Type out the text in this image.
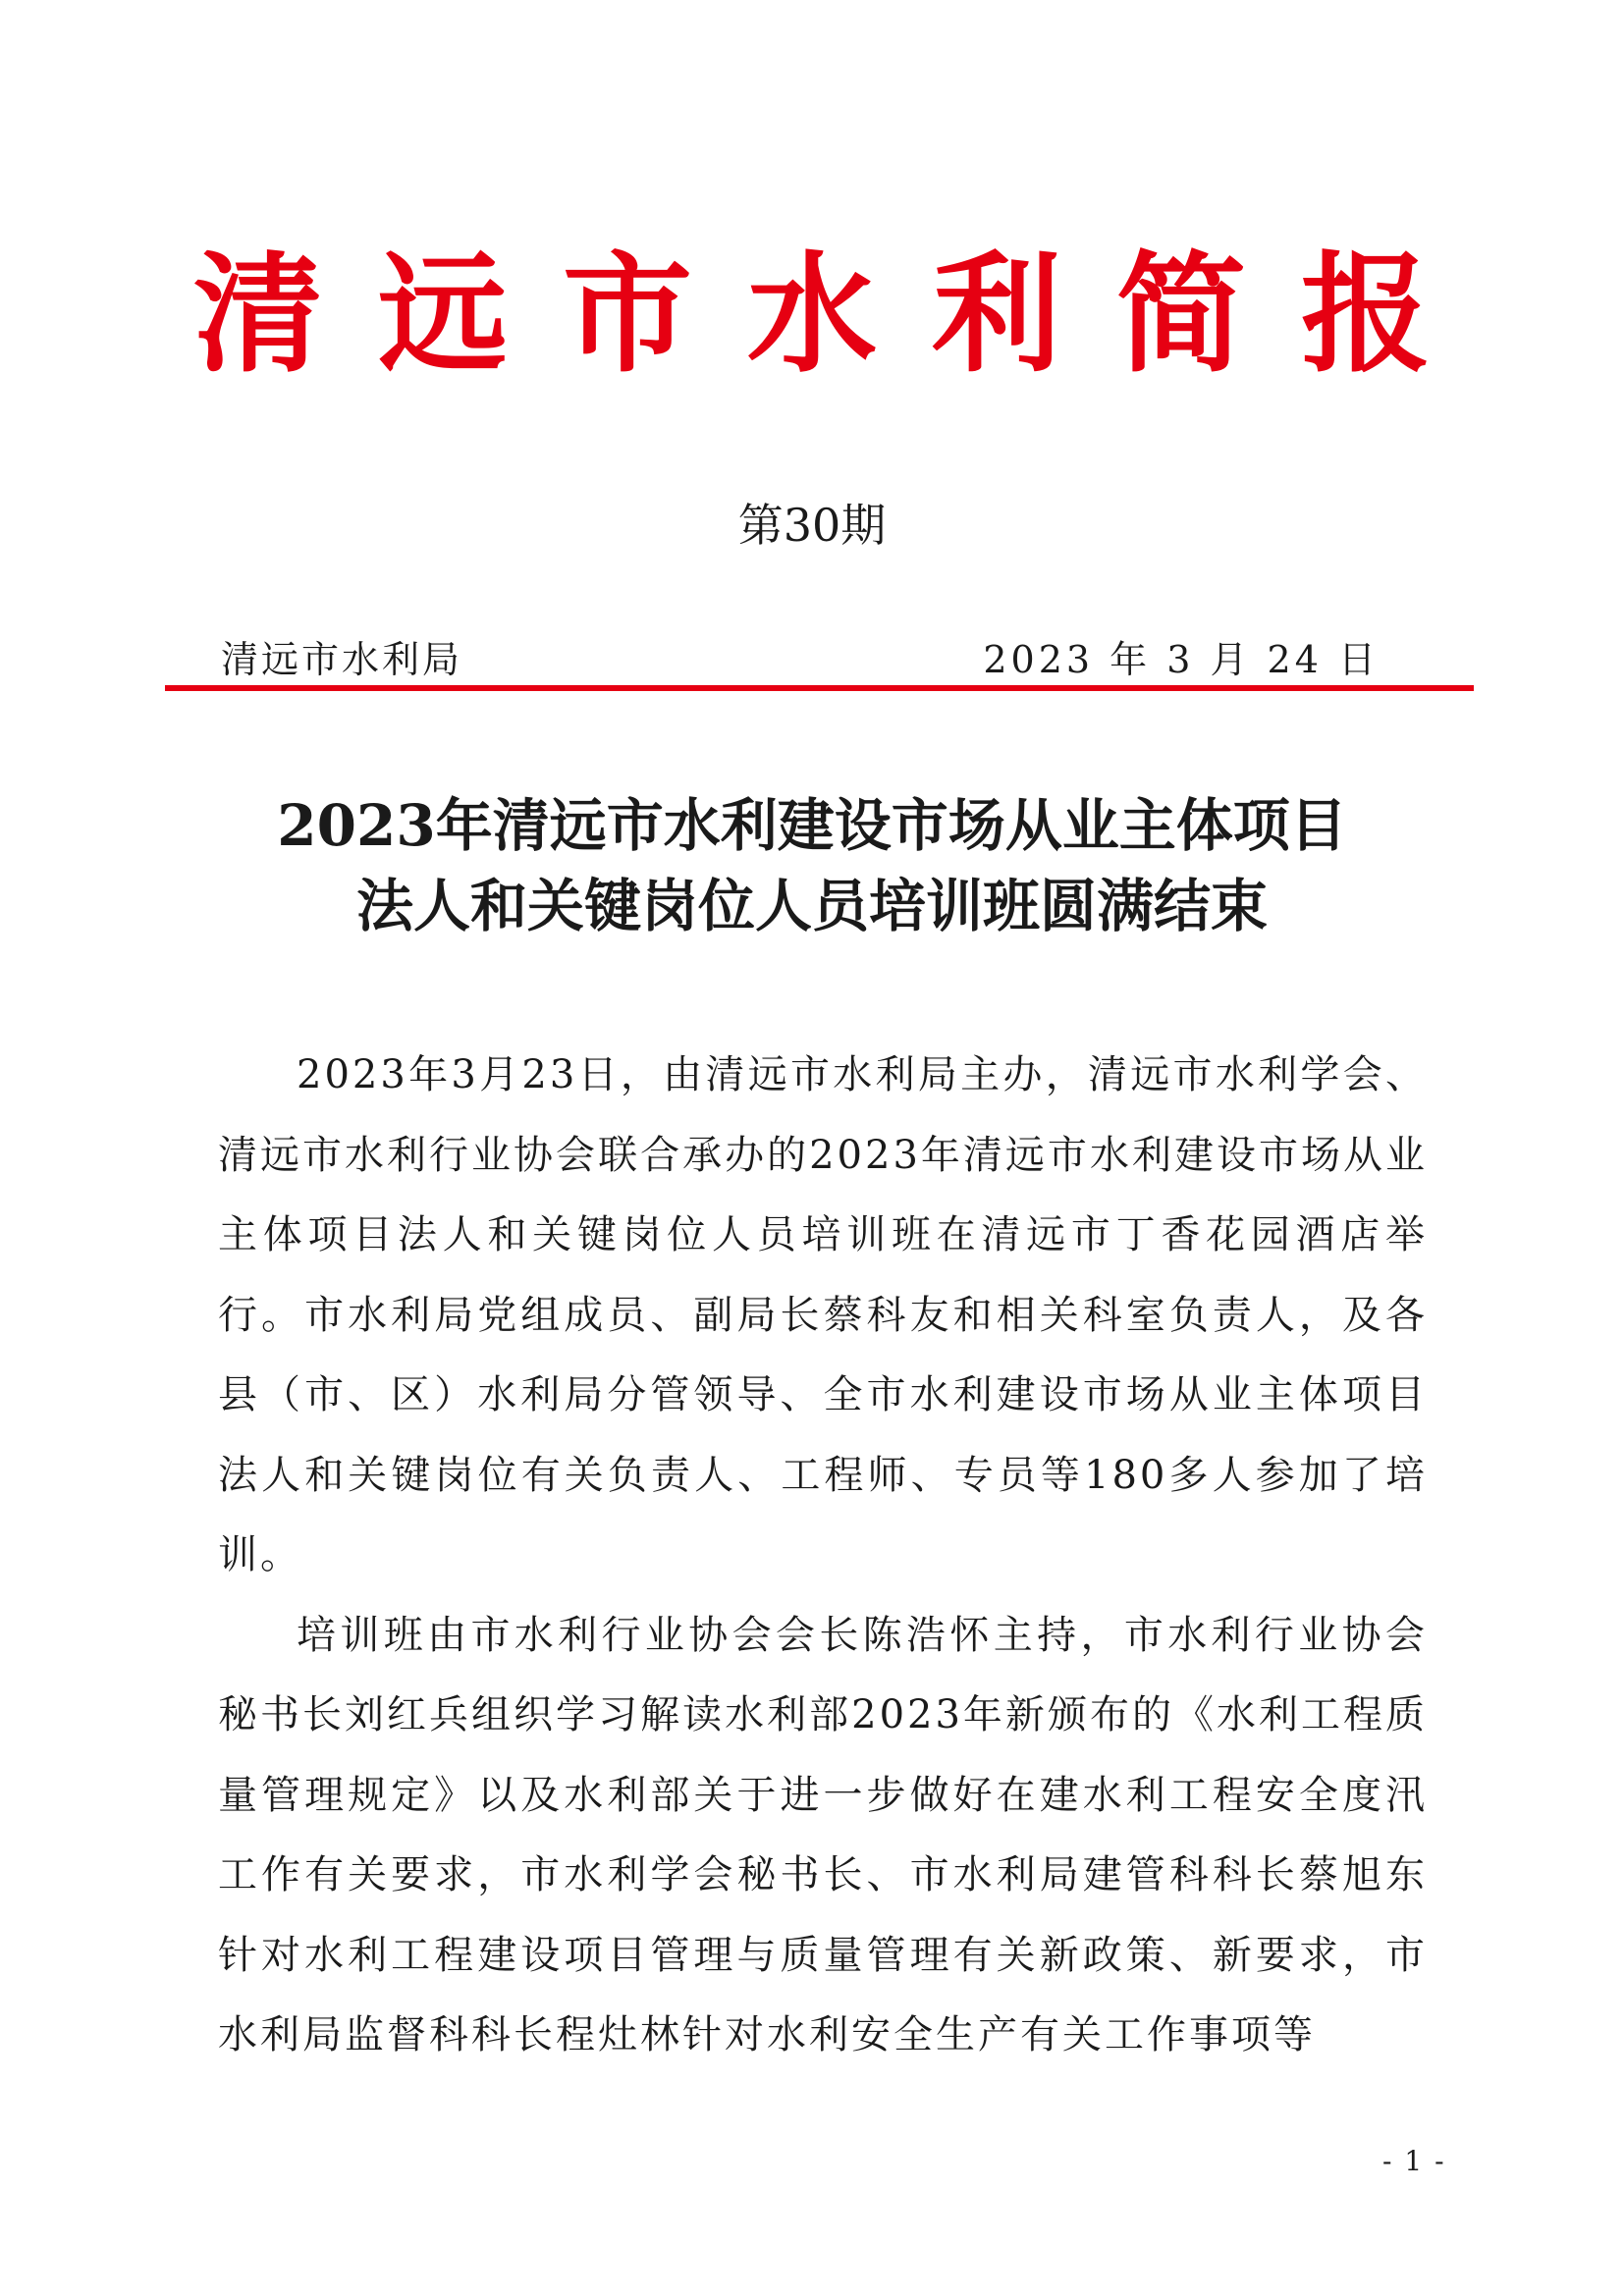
清远市水利简报
第30期
清远市水利局	2023 年 3 月 24 日
2023年清远市水利建设市场从业主体项目
法人和关键岗位人员培训班圆满结束

2023年3月23日，由清远市水利局主办，清远市水利学会、清远市水利行业协会联合承办的2023年清远市水利建设市场从业主体项目法人和关键岗位人员培训班在清远市丁香花园酒店举行。市水利局党组成员、副局长蔡科友和相关科室负责人，及各县（市、区）水利局分管领导、全市水利建设市场从业主体项目法人和关键岗位有关负责人、工程师、专员等180多人参加了培训。

培训班由市水利行业协会会长陈浩怀主持，市水利行业协会秘书长刘红兵组织学习解读水利部2023年新颁布的《水利工程质量管理规定》以及水利部关于进一步做好在建水利工程安全度汛工作有关要求，市水利学会秘书长、市水利局建管科科长蔡旭东针对水利工程建设项目管理与质量管理有关新政策、新要求，市水利局监督科科长程灶林针对水利安全生产有关工作事项等

- 1 -
